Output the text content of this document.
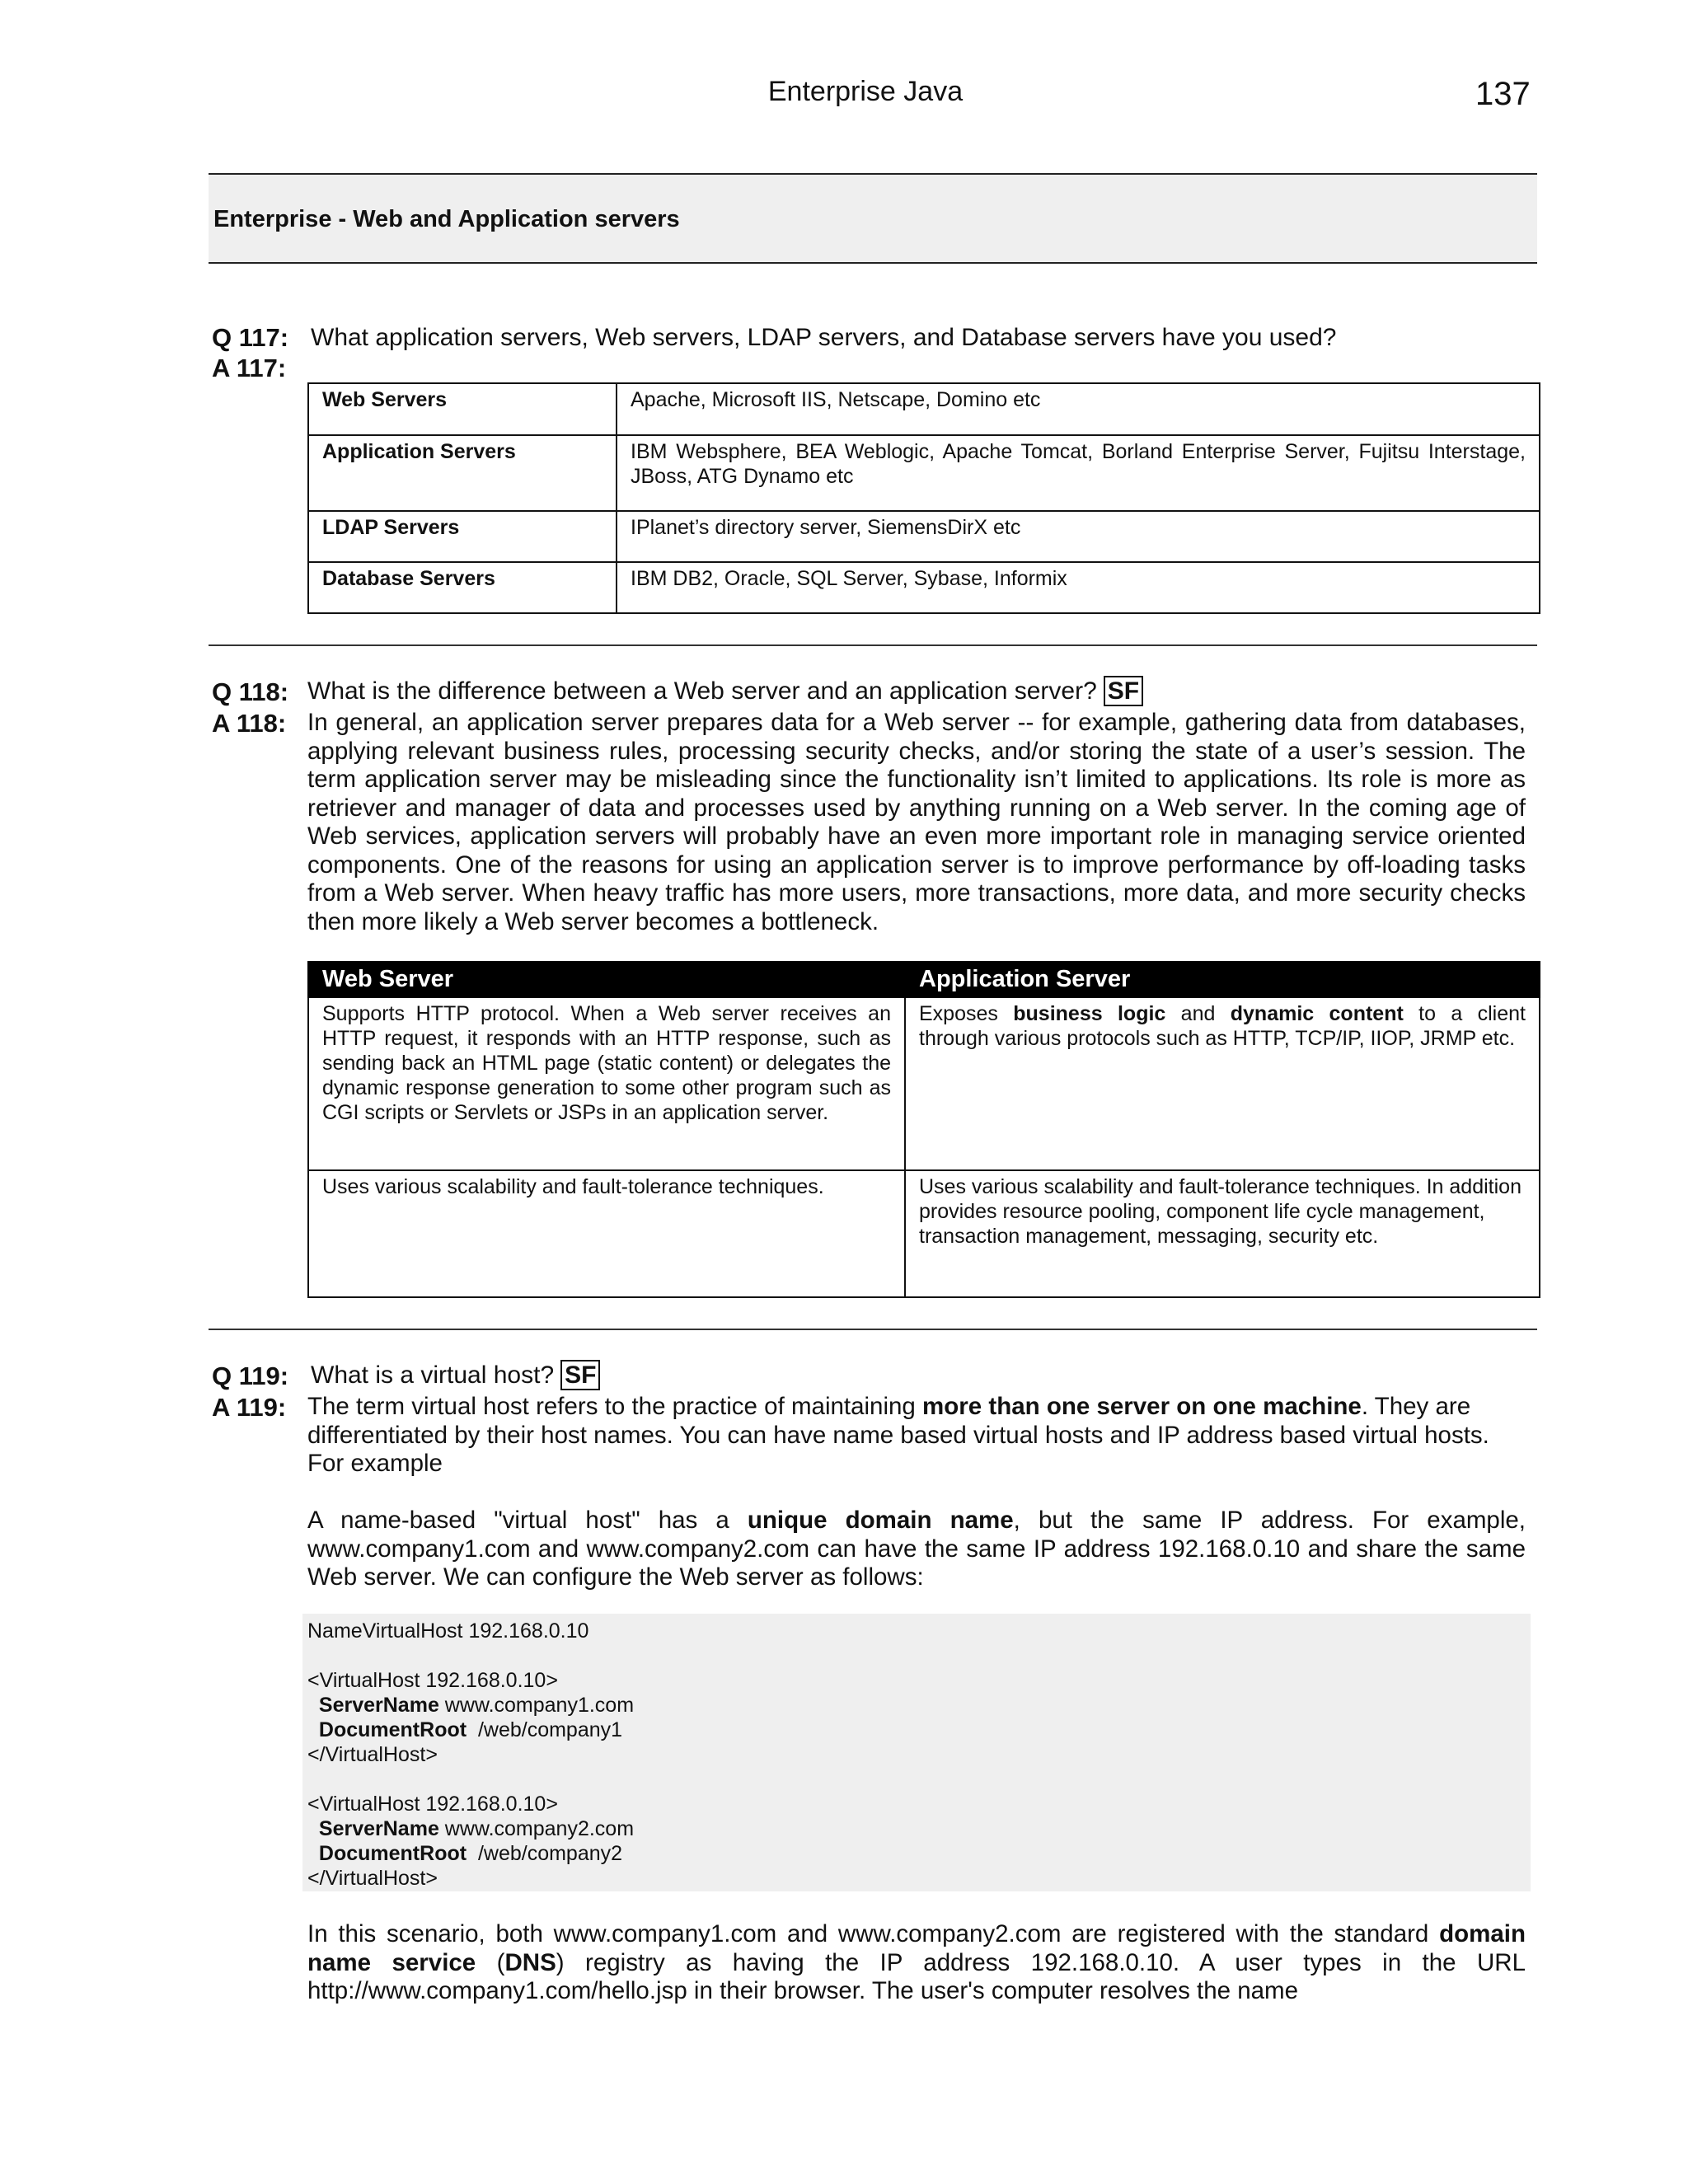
Enterprise Java	137
Enterprise - Web and Application servers
Q 117: What application servers, Web servers, LDAP servers, and Database servers have you used?
A 117:
Web Servers	Apache, Microsoft IIS, Netscape, Domino etc
Application Servers	IBM Websphere, BEA Weblogic, Apache Tomcat, Borland Enterprise Server, Fujitsu Interstage, JBoss, ATG Dynamo etc
LDAP Servers	IPlanet’s directory server, SiemensDirX etc
Database Servers	IBM DB2, Oracle, SQL Server, Sybase, Informix
Q 118: What is the difference between a Web server and an application server? SF
A 118: In general, an application server prepares data for a Web server -- for example, gathering data from databases, applying relevant business rules, processing security checks, and/or storing the state of a user’s session. The term application server may be misleading since the functionality isn’t limited to applications. Its role is more as retriever and manager of data and processes used by anything running on a Web server. In the coming age of Web services, application servers will probably have an even more important role in managing service oriented components. One of the reasons for using an application server is to improve performance by off-loading tasks from a Web server. When heavy traffic has more users, more transactions, more data, and more security checks then more likely a Web server becomes a bottleneck.
Web Server	Application Server
Supports HTTP protocol. When a Web server receives an HTTP request, it responds with an HTTP response, such as sending back an HTML page (static content) or delegates the dynamic response generation to some other program such as CGI scripts or Servlets or JSPs in an application server.	Exposes business logic and dynamic content to a client through various protocols such as HTTP, TCP/IP, IIOP, JRMP etc.
Uses various scalability and fault-tolerance techniques.	Uses various scalability and fault-tolerance techniques. In addition provides resource pooling, component life cycle management, transaction management, messaging, security etc.
Q 119: What is a virtual host? SF
A 119: The term virtual host refers to the practice of maintaining more than one server on one machine. They are differentiated by their host names. You can have name based virtual hosts and IP address based virtual hosts. For example
A name-based "virtual host" has a unique domain name, but the same IP address. For example, www.company1.com and www.company2.com can have the same IP address 192.168.0.10 and share the same Web server. We can configure the Web server as follows:
NameVirtualHost 192.168.0.10
<VirtualHost 192.168.0.10>
ServerName www.company1.com
DocumentRoot  /web/company1
</VirtualHost>
<VirtualHost 192.168.0.10>
ServerName www.company2.com
DocumentRoot  /web/company2
</VirtualHost>
In this scenario, both www.company1.com and www.company2.com are registered with the standard domain name service (DNS) registry as having the IP address 192.168.0.10. A user types in the URL http://www.company1.com/hello.jsp in their browser. The user's computer resolves the name
